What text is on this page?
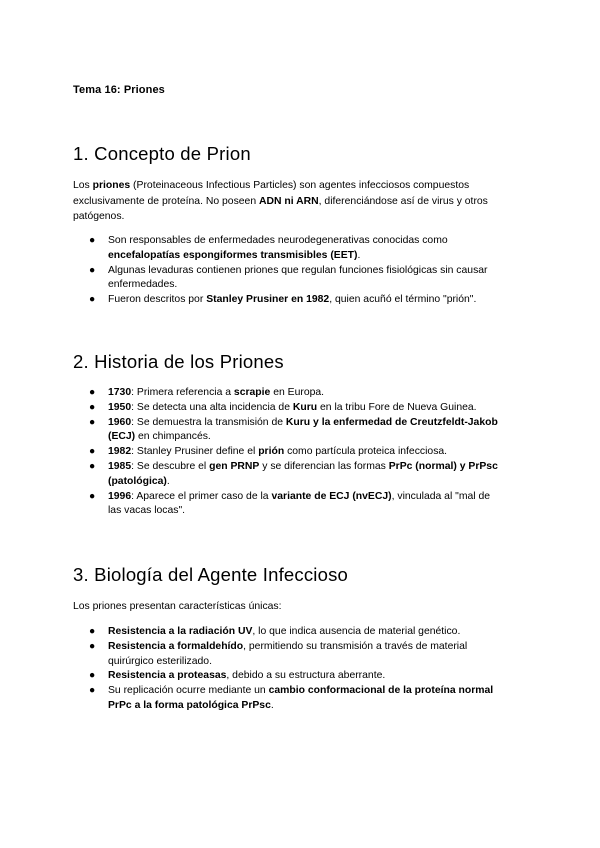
Tema 16: Priones
1. Concepto de Prion

Los priones (Proteinaceous Infectious Particles) son agentes infecciosos compuestos exclusivamente de proteína. No poseen ADN ni ARN, diferenciándose así de virus y otros patógenos.

● Son responsables de enfermedades neurodegenerativas conocidas como encefalopatías espongiformes transmisibles (EET).
● Algunas levaduras contienen priones que regulan funciones fisiológicas sin causar enfermedades.
● Fueron descritos por Stanley Prusiner en 1982, quien acuñó el término "prión".
2. Historia de los Priones
● 1730: Primera referencia a scrapie en Europa.
● 1950: Se detecta una alta incidencia de Kuru en la tribu Fore de Nueva Guinea.
● 1960: Se demuestra la transmisión de Kuru y la enfermedad de Creutzfeldt-Jakob (ECJ) en chimpancés.
● 1982: Stanley Prusiner define el prión como partícula proteica infecciosa.
● 1985: Se descubre el gen PRNP y se diferencian las formas PrPc (normal) y PrPsc (patológica).
● 1996: Aparece el primer caso de la variante de ECJ (nvECJ), vinculada al "mal de las vacas locas".
3. Biología del Agente Infeccioso

Los priones presentan características únicas:

● Resistencia a la radiación UV, lo que indica ausencia de material genético.
● Resistencia a formaldehído, permitiendo su transmisión a través de material quirúrgico esterilizado.
● Resistencia a proteasas, debido a su estructura aberrante.
● Su replicación ocurre mediante un cambio conformacional de la proteína normal PrPc a la forma patológica PrPsc.
